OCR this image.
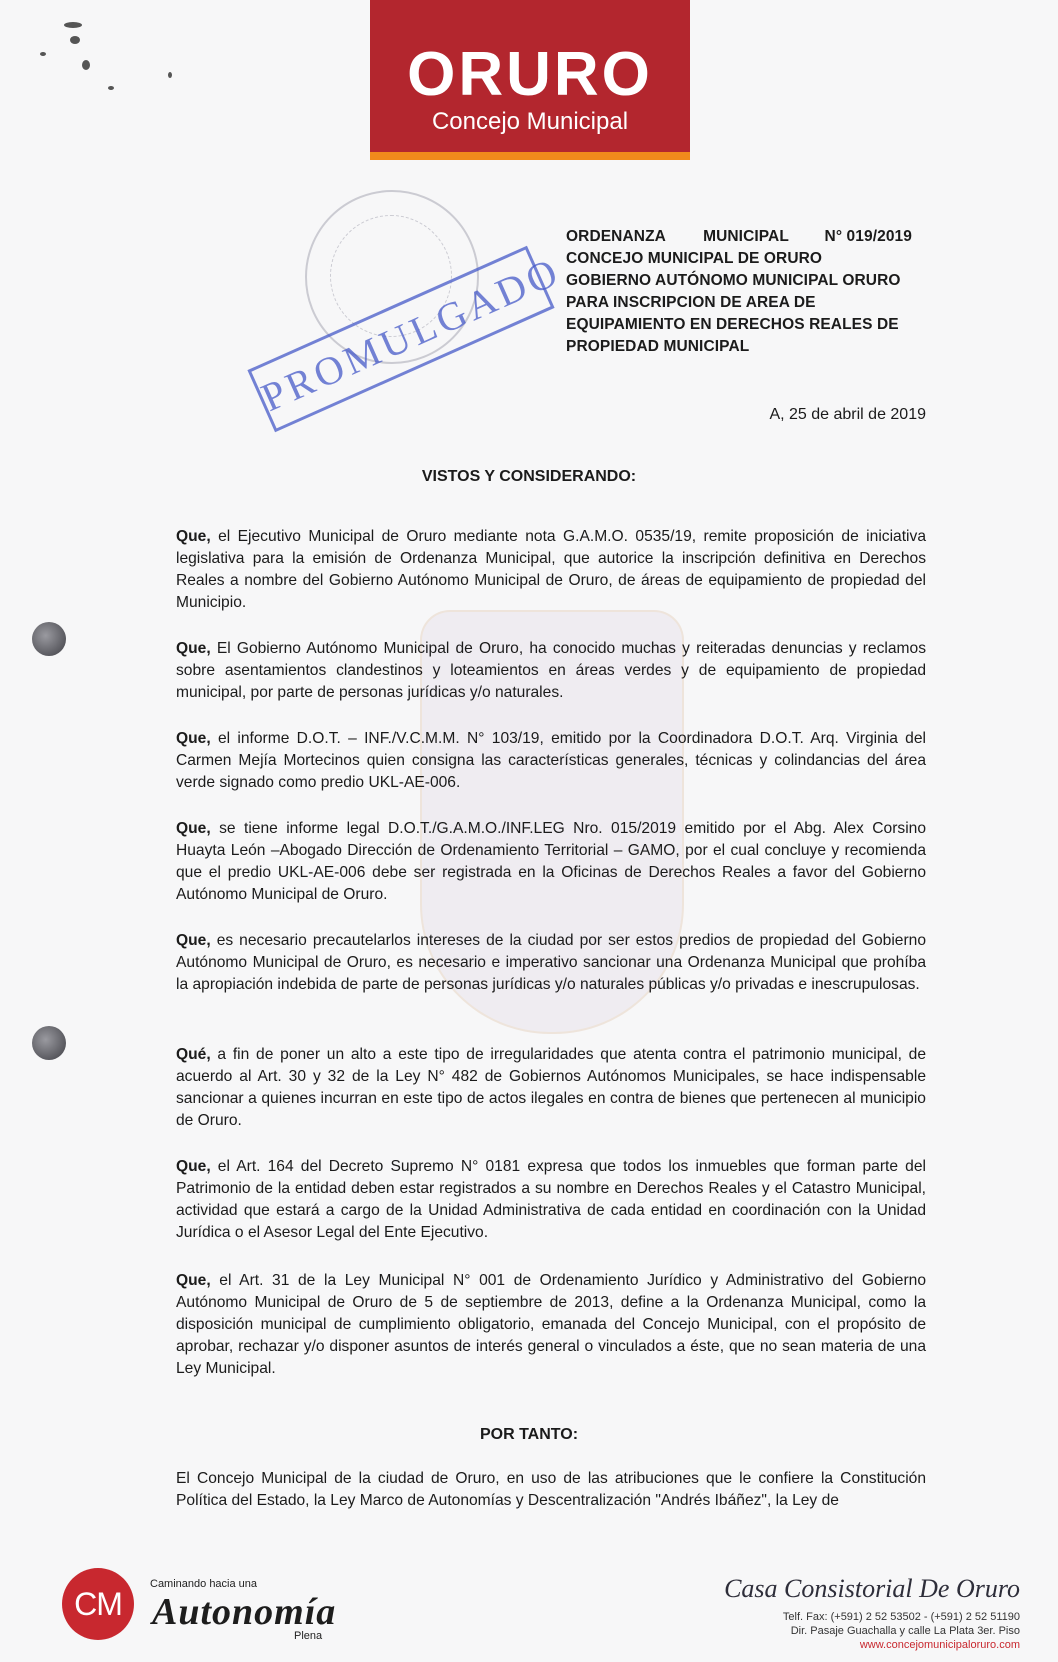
ORURO
Concejo Municipal
PROMULGADO
ORDENANZA MUNICIPAL N° 019/2019
CONCEJO MUNICIPAL DE ORURO
GOBIERNO AUTÓNOMO MUNICIPAL ORURO
PARA INSCRIPCION DE AREA DE
EQUIPAMIENTO EN DERECHOS REALES DE
PROPIEDAD MUNICIPAL
A, 25 de abril de 2019
VISTOS Y CONSIDERANDO:
Que, el Ejecutivo Municipal de Oruro mediante nota G.A.M.O. 0535/19, remite proposición de iniciativa legislativa para la emisión de Ordenanza Municipal, que autorice la inscripción definitiva en Derechos Reales a nombre del Gobierno Autónomo Municipal de Oruro, de áreas de equipamiento de propiedad del Municipio.
Que, El Gobierno Autónomo Municipal de Oruro, ha conocido muchas y reiteradas denuncias y reclamos sobre asentamientos clandestinos y loteamientos en áreas verdes y de equipamiento de propiedad municipal, por parte de personas jurídicas y/o naturales.
Que, el informe D.O.T. – INF./V.C.M.M. N° 103/19, emitido por la Coordinadora D.O.T. Arq. Virginia del Carmen Mejía Mortecinos quien consigna las características generales, técnicas y colindancias del área verde signado como predio UKL-AE-006.
Que, se tiene informe legal D.O.T./G.A.M.O./INF.LEG Nro. 015/2019 emitido por el Abg. Alex Corsino Huayta León –Abogado Dirección de Ordenamiento Territorial – GAMO, por el cual concluye y recomienda que el predio UKL-AE-006 debe ser registrada en la Oficinas de Derechos Reales a favor del Gobierno Autónomo Municipal de Oruro.
Que, es necesario precautelarlos intereses de la ciudad por ser estos predios de propiedad del Gobierno Autónomo Municipal de Oruro, es necesario e imperativo sancionar una Ordenanza Municipal que prohíba la apropiación indebida de parte de personas jurídicas y/o naturales públicas y/o privadas e inescrupulosas.
Qué, a fin de poner un alto a este tipo de irregularidades que atenta contra el patrimonio municipal, de acuerdo al Art. 30 y 32 de la Ley N° 482 de Gobiernos Autónomos Municipales, se hace indispensable sancionar a quienes incurran en este tipo de actos ilegales en contra de bienes que pertenecen al municipio de Oruro.
Que, el Art. 164 del Decreto Supremo N° 0181 expresa que todos los inmuebles que forman parte del Patrimonio de la entidad deben estar registrados a su nombre en Derechos Reales y el Catastro Municipal, actividad que estará a cargo de la Unidad Administrativa de cada entidad en coordinación con la Unidad Jurídica o el Asesor Legal del Ente Ejecutivo.
Que, el Art. 31 de la Ley Municipal N° 001 de Ordenamiento Jurídico y Administrativo del Gobierno Autónomo Municipal de Oruro de 5 de septiembre de 2013, define a la Ordenanza Municipal, como la disposición municipal de cumplimiento obligatorio, emanada del Concejo Municipal, con el propósito de aprobar, rechazar y/o disponer asuntos de interés general o vinculados a éste, que no sean materia de una Ley Municipal.
POR TANTO:
El Concejo Municipal de la ciudad de Oruro, en uso de las atribuciones que le confiere la Constitución Política del Estado, la Ley Marco de Autonomías y Descentralización "Andrés Ibáñez", la Ley de
CM
Caminando hacia una
Autonomía
Plena
Casa Consistorial De Oruro
Telf. Fax: (+591) 2 52 53502 - (+591) 2 52 51190
Dir. Pasaje Guachalla y calle La Plata 3er. Piso
www.concejomunicipaloruro.com
